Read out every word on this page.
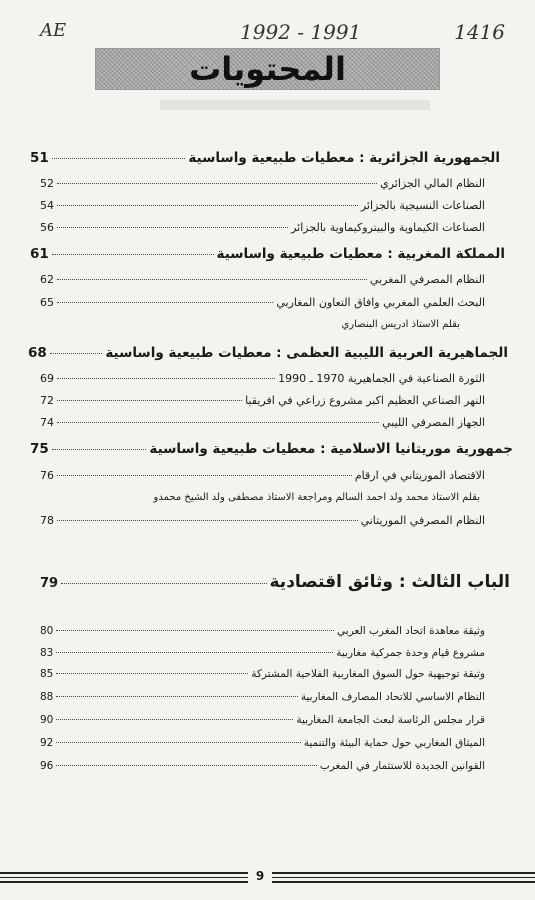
AE	1992 - 1991	1416
المحتويات
الجمهورية الجزائرية : معطيات طبيعية واساسية
51
النظام المالي الجزائري
52
الصناعات النسيجية بالجزائر
54
الصناعات الكيماوية والبيتروكيماوية بالجزائر
56
المملكة المغربية : معطيات طبيعية واساسية
61
النظام المصرفي المغربي
62
البحث العلمي المغربي وافاق التعاون المغاربي
65
بقلم الاستاذ ادريس البنصاري
الجماهيرية العربية الليبية العظمى : معطيات طبيعية واساسية
68
الثورة الصناعية في الجماهيرية 1970 ـ 1990
69
النهر الصناعي العظيم اكبر مشروع زراعي في افريقيا
72
الجهاز المصرفي الليبي
74
جمهورية موريتانيا الاسلامية : معطيات طبيعية واساسية
75
الاقتصاد الموريتاني في ارقام
76
بقلم الاستاذ محمد ولد احمد السالم ومراجعة الاستاذ مصطفى ولد الشيخ محمدو
النظام المصرفي الموريتاني
78
الباب الثالث : وثائق اقتصادية
79
وثيقة معاهدة اتحاد المغرب العربي
80
مشروع قيام وحدة جمركية مغاربية
83
وثيقة توجيهية حول السوق المغاربية الفلاحية المشتركة
85
النظام الاساسي للاتحاد المصارف المغاربية
88
قرار مجلس الرئاسة لبعث الجامعة المغاربية
90
الميثاق المغاربي حول حماية البيئة والتنمية
92
القوانين الجديدة للاستثمار في المغرب
96
9
